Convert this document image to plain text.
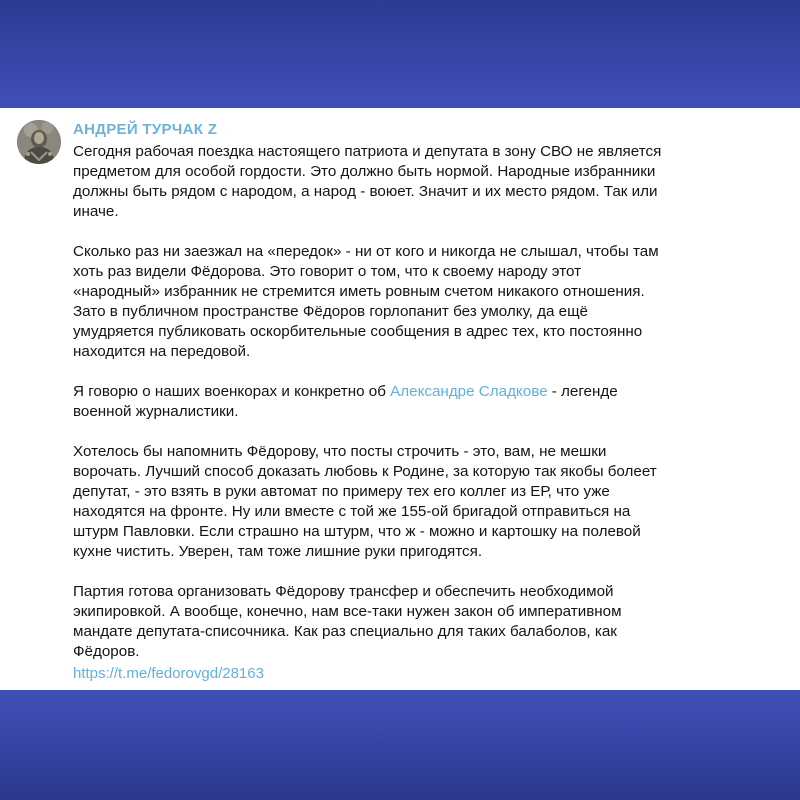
АНДРЕЙ ТУРЧАК Z

Сегодня рабочая поездка настоящего патриота и депутата в зону СВО не является
предметом для особой гордости. Это должно быть нормой. Народные избранники
должны быть рядом с народом, а народ - воюет. Значит и их место рядом. Так или
иначе.

Сколько раз ни заезжал на «передок» - ни от кого и никогда не слышал, чтобы там
хоть раз видели Фёдорова. Это говорит о том, что к своему народу этот
«народный» избранник не стремится иметь ровным счетом никакого отношения.
Зато в публичном пространстве Фёдоров горлопанит без умолку, да ещё
умудряется публиковать оскорбительные сообщения в адрес тех, кто постоянно
находится на передовой.

Я говорю о наших военкорах и конкретно об Александре Сладкове - легенде
военной журналистики.

Хотелось бы напомнить Фёдорову, что посты строчить - это, вам, не мешки
ворочать. Лучший способ доказать любовь к Родине, за которую так якобы болеет
депутат, - это взять в руки автомат по примеру тех его коллег из ЕР, что уже
находятся на фронте. Ну или вместе с той же 155-ой бригадой отправиться на
штурм Павловки. Если страшно на штурм, что ж - можно и картошку на полевой
кухне чистить. Уверен, там тоже лишние руки пригодятся.

Партия готова организовать Фёдорову трансфер и обеспечить необходимой
экипировкой. А вообще, конечно, нам все-таки нужен закон об императивном
мандате депутата-списочника. Как раз специально для таких балаболов, как
Фёдоров.

https://t.me/fedorovgd/28163
